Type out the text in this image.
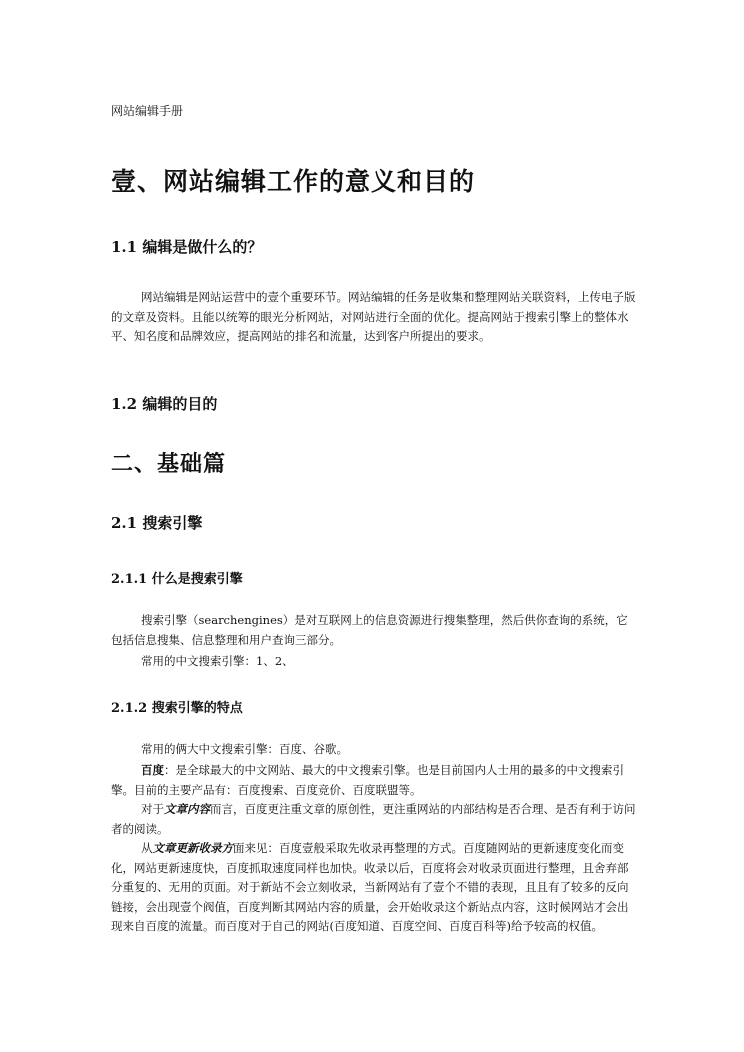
网站编辑手册
壹、网站编辑工作的意义和目的
1.1 编辑是做什么的？
网站编辑是网站运营中的壹个重要环节。网站编辑的任务是收集和整理网站关联资料，上传电子版的文章及资料。且能以统筹的眼光分析网站，对网站进行全面的优化。提高网站于搜索引擎上的整体水平、知名度和品牌效应，提高网站的排名和流量，达到客户所提出的要求。
1.2 编辑的目的
二、基础篇
2.1 搜索引擎
2.1.1 什么是搜索引擎
搜索引擎（searchengines）是对互联网上的信息资源进行搜集整理，然后供你查询的系统，它包括信息搜集、信息整理和用户查询三部分。
常用的中文搜索引擎：1、2、
2.1.2 搜索引擎的特点
常用的俩大中文搜索引擎：百度、谷歌。
百度：是全球最大的中文网站、最大的中文搜索引擎。也是目前国内人士用的最多的中文搜索引擎。目前的主要产品有：百度搜索、百度竞价、百度联盟等。
对于文章内容而言，百度更注重文章的原创性，更注重网站的内部结构是否合理、是否有利于访问者的阅读。
从文章更新收录方面来见：百度壹般采取先收录再整理的方式。百度随网站的更新速度变化而变化，网站更新速度快，百度抓取速度同样也加快。收录以后，百度将会对收录页面进行整理，且舍弃部分重复的、无用的页面。对于新站不会立刻收录，当新网站有了壹个不错的表现，且且有了较多的反向链接，会出现壹个阀值，百度判断其网站内容的质量，会开始收录这个新站点内容，这时候网站才会出现来自百度的流量。而百度对于自己的网站(百度知道、百度空间、百度百科等)给予较高的权值。
